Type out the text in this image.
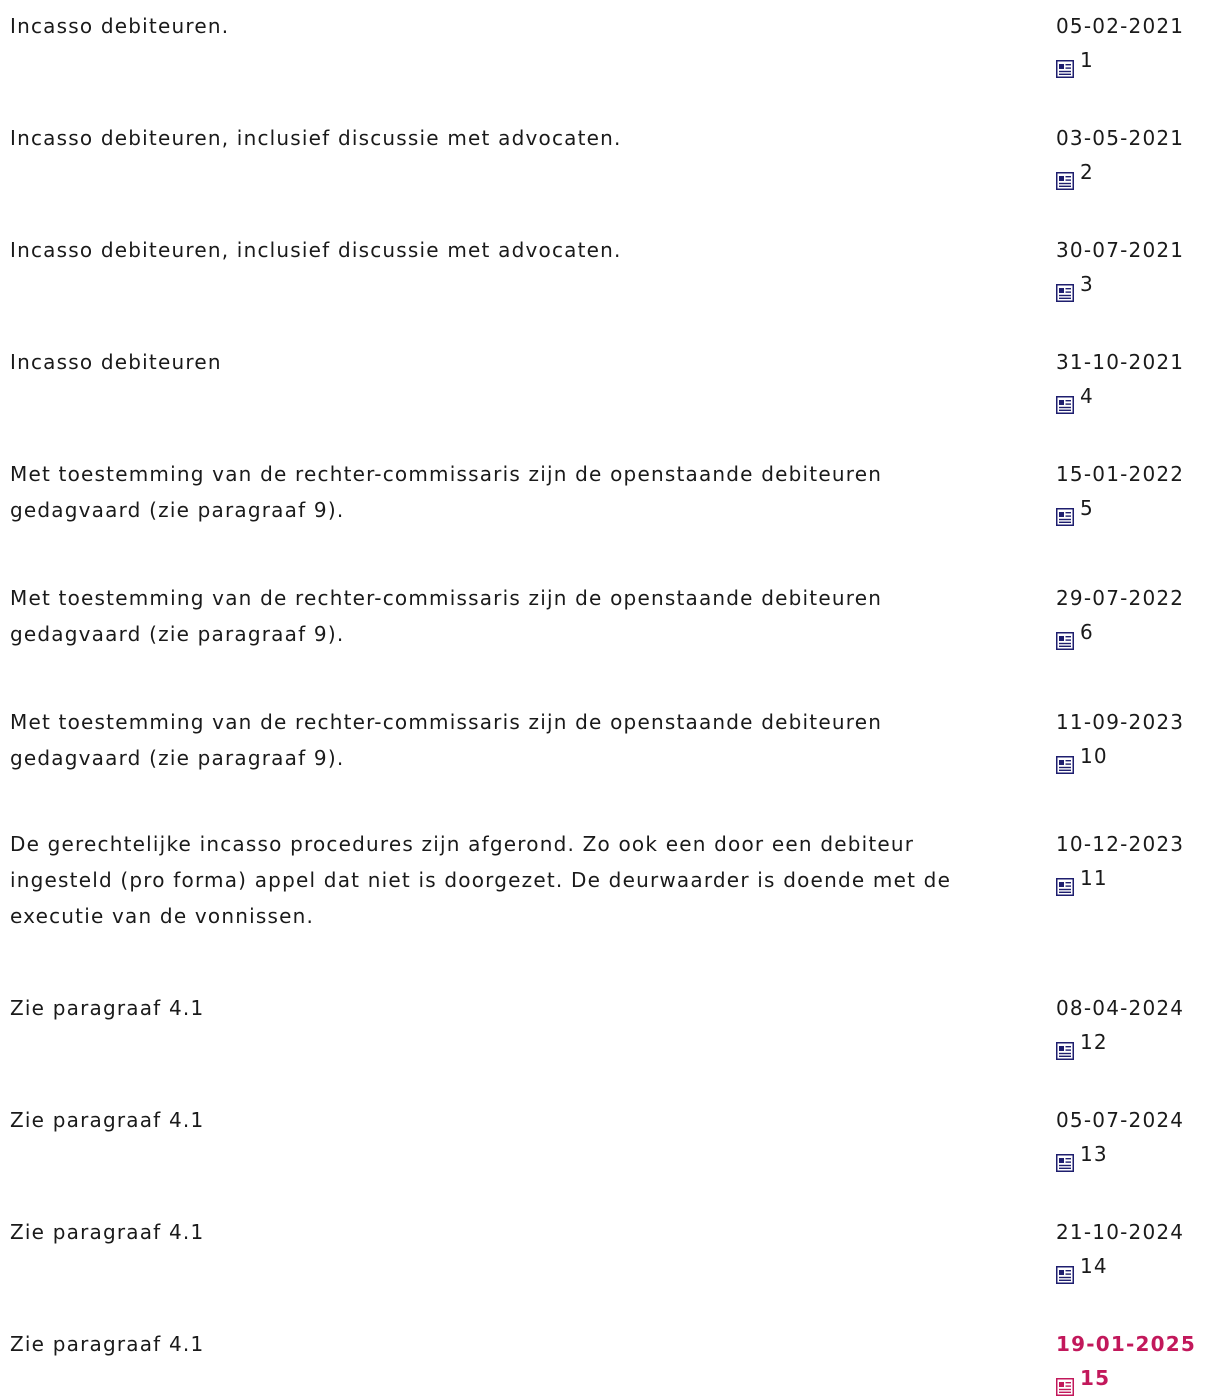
Incasso debiteuren.	05-02-2021
1
Incasso debiteuren, inclusief discussie met advocaten.	03-05-2021
2
Incasso debiteuren, inclusief discussie met advocaten.	30-07-2021
3
Incasso debiteuren	31-10-2021
4
Met toestemming van de rechter-commissaris zijn de openstaande debiteuren gedagvaard (zie paragraaf 9).
15-01-2022
5
Met toestemming van de rechter-commissaris zijn de openstaande debiteuren gedagvaard (zie paragraaf 9).
29-07-2022
6
Met toestemming van de rechter-commissaris zijn de openstaande debiteuren gedagvaard (zie paragraaf 9).
11-09-2023
10
De gerechtelijke incasso procedures zijn afgerond. Zo ook een door een debiteur ingesteld (pro forma) appel dat niet is doorgezet. De deurwaarder is doende met de executie van de vonnissen.
10-12-2023
11
Zie paragraaf 4.1	08-04-2024
12
Zie paragraaf 4.1	05-07-2024
13
Zie paragraaf 4.1	21-10-2024
14
Zie paragraaf 4.1	19-01-2025
15
